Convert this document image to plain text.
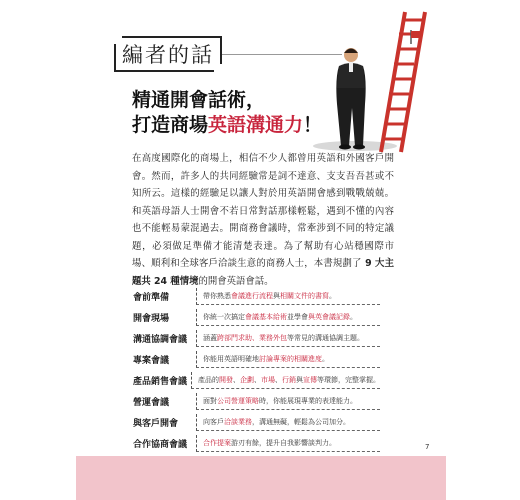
編者的話
精通開會話術，
打造商場英語溝通力！
在高度國際化的商場上，相信不少人都曾用英語和外國客戶開會。然而，許多人的共同經驗常是詞不達意、支支吾吾甚或不知所云。這樣的經驗足以讓人對於用英語開會感到戰戰兢兢。和英語母語人士開會不若日常對話那樣輕鬆，遇到不懂的內容也不能輕易蒙混過去。開商務會議時，常牽涉到不同的特定議題，必須做足準備才能清楚表達。為了幫助有心站穩國際市場、順利和全球客戶洽談生意的商務人士，本書規劃了 9 大主題共 24 種情境的開會英語會話。
會前準備	帶你熟悉 會議進行流程 與 相關文件的書寫 。
開會現場	你統一次搞定 會議基本給術 並學會 與英會議記錄 。
溝通協調會議	涵蓋 跨部門求助、業務外包 等常見的溝通協調主題。
專案會議	你能用英語明確地 討論專案的相關進度 。
產品銷售會議	產品的 開發 、 企劃 、 市場 、 行銷 與 宣傳 等環節，完整掌握。
營運會議	面對 公司營運策略 時，你能展現專業的表達能力。
與客戶開會	向客戶 洽談業務 ，溝通無礙，輕鬆為公司加分。
合作協商會議	合作提案 游刃有餘，提升自我影響談判力。	7
